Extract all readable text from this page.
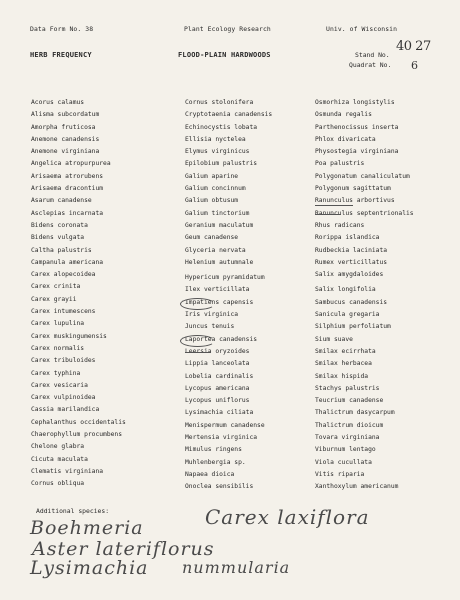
Data Form No. 38	Plant Ecology Research	Univ. of Wisconsin
HERB FREQUENCY	FLOOD-PLAIN HARDWOODS	Stand No.
40 27
Quadrat No. 6
Acorus calamus
Alisma subcordatum
Amorpha fruticosa
Anemone canadensis
Anemone virginiana
Angelica atropurpurea
Arisaema atrorubens
Arisaema dracontium
Asarum canadense
Asclepias incarnata
Bidens coronata
Bidens vulgata
Caltha palustris
Campanula americana
Carex alopecoidea
Carex crinita
Carex grayii
Carex intumescens
Carex lupulina
Carex muskingumensis
Carex normalis
Carex tribuloides
Carex typhina
Carex vesicaria
Carex vulpinoidea
Cassia marilandica
Cephalanthus occidentalis
Chaerophyllum procumbens
Chelone glabra
Cicuta maculata
Clematis virginiana
Cornus obliqua
Cornus stolonifera
Cryptotaenia canadensis
Echinocystis lobata
Ellisia nyctelea
Elymus virginicus
Epilobium palustris
Galium aparine
Galium concinnum
Galium obtusum
Galium tinctorium
Geranium maculatum
Geum canadense
Glyceria nervata
Helenium autumnale
Hypericum pyramidatum
Ilex verticillata
Impatiens capensis
Iris virginica
Juncus tenuis
Laportea canadensis
Leersia oryzoides
Lippia lanceolata
Lobelia cardinalis
Lycopus americana
Lycopus uniflorus
Lysimachia ciliata
Menispermum canadense
Mertensia virginica
Mimulus ringens
Muhlenbergia sp.
Napaea dioica
Onoclea sensibilis
Osmorhiza longistylis
Osmunda regalis
Parthenocissus inserta
Phlox divaricata
Physostegia virginiana
Poa palustris
Polygonatum canaliculatum
Polygonum sagittatum
Ranunculus arbortivus
Ranunculus septentrionalis
Rhus radicans
Rorippa islandica
Rudbeckia laciniata
Rumex verticillatus
Salix amygdaloides
Salix longifolia
Sambucus canadensis
Sanicula gregaria
Silphium perfoliatum
Sium suave
Smilax ecirrhata
Smilax herbacea
Smilax hispida
Stachys palustris
Teucrium canadense
Thalictrum dasycarpum
Thalictrum dioicum
Tovara virginiana
Viburnum lentago
Viola cucullata
Vitis riparia
Xanthoxylum americanum
Additional species:
Boehmeria
Aster lateriflorus
Lysimachia
Carex laxiflora
nummularia
